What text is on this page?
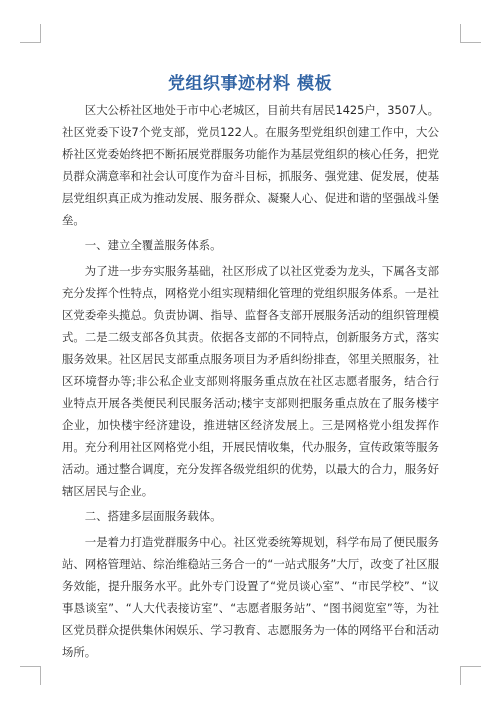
党组织事迹材料 模板

区大公桥社区地处于市中心老城区，目前共有居民1425户，3507人。社区党委下设7个党支部，党员122人。在服务型党组织创建工作中，大公桥社区党委始终把不断拓展党群服务功能作为基层党组织的核心任务，把党员群众满意率和社会认可度作为奋斗目标，抓服务、强党建、促发展，使基层党组织真正成为推动发展、服务群众、凝聚人心、促进和谐的坚强战斗堡垒。

一、建立全覆盖服务体系。

为了进一步夯实服务基础，社区形成了以社区党委为龙头，下属各支部充分发挥个性特点，网格党小组实现精细化管理的党组织服务体系。一是社区党委牵头揽总。负责协调、指导、监督各支部开展服务活动的组织管理模式。二是二级支部各负其责。依据各支部的不同特点，创新服务方式，落实服务效果。社区居民支部重点服务项目为矛盾纠纷排查，邻里关照服务，社区环境督办等;非公私企业支部则将服务重点放在社区志愿者服务，结合行业特点开展各类便民利民服务活动;楼宇支部则把服务重点放在了服务楼宇企业，加快楼宇经济建设，推进辖区经济发展上。三是网格党小组发挥作用。充分利用社区网格党小组，开展民情收集，代办服务，宣传政策等服务活动。通过整合调度，充分发挥各级党组织的优势，以最大的合力，服务好辖区居民与企业。

二、搭建多层面服务载体。

一是着力打造党群服务中心。社区党委统筹规划，科学布局了便民服务站、网格管理站、综治维稳站三务合一的“一站式服务”大厅，改变了社区服务效能，提升服务水平。此外专门设置了“党员谈心室”、“市民学校”、“议事恳谈室”、“人大代表接访室”、“志愿者服务站”、“图书阅览室”等，为社区党员群众提供集休闲娱乐、学习教育、志愿服务为一体的网络平台和活动场所。
